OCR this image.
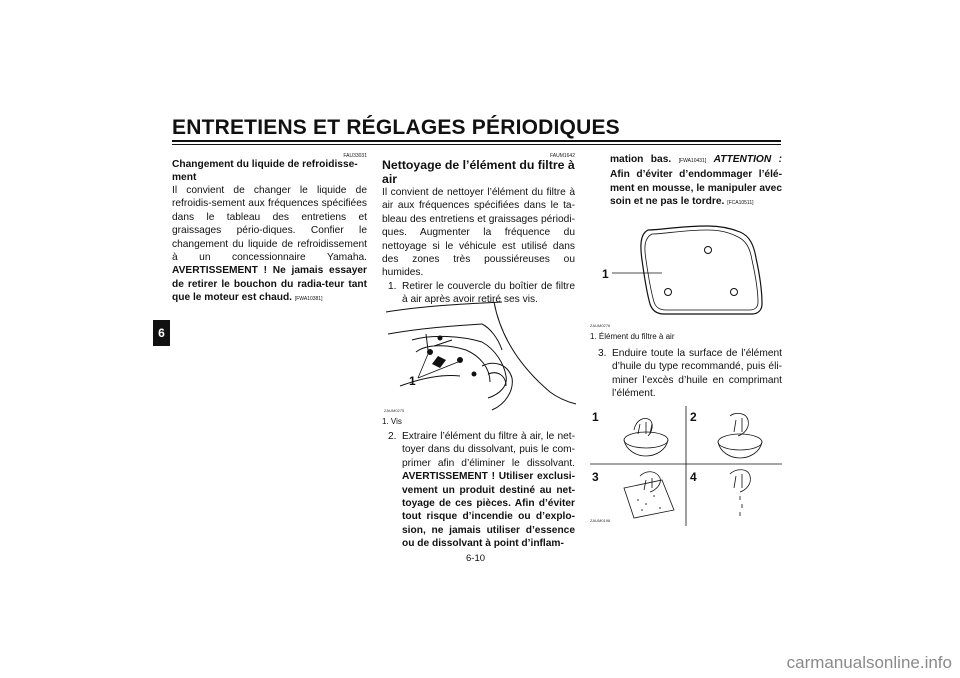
ENTRETIENS ET RÉGLAGES PÉRIODIQUES
6
FAU33031
Changement du liquide de refroidisse-ment
Il convient de changer le liquide de refroidis-sement aux fréquences spécifiées dans le tableau des entretiens et graissages pério-diques. Confier le changement du liquide de refroidissement à un concessionnaire Yamaha. AVERTISSEMENT ! Ne jamais essayer de retirer le bouchon du radia-teur tant que le moteur est chaud. [FWA10381]
FAUM1642
Nettoyage de l’élément du filtre à air
Il convient de nettoyer l’élément du filtre à air aux fréquences spécifiées dans le ta-bleau des entretiens et graissages périodi-ques. Augmenter la fréquence du nettoyage si le véhicule est utilisé dans des zones très poussiéreuses ou humides.
1. Retirer le couvercle du boîtier de filtre à air après avoir retiré ses vis.
1
ZAUM0275
1. Vis
2. Extraire l’élément du filtre à air, le net-toyer dans du dissolvant, puis le com-primer afin d’éliminer le dissolvant. AVERTISSEMENT ! Utiliser exclusi-vement un produit destiné au net-toyage de ces pièces. Afin d’éviter tout risque d’incendie ou d’explo-sion, ne jamais utiliser d’essence ou de dissolvant à point d’inflam-
mation bas. [FWA10431] ATTENTION : Afin d’éviter d’endommager l’élé-ment en mousse, le manipuler avec soin et ne pas le tordre. [FCA10511]
1
ZAUM0276
1. Élément du filtre à air
3. Enduire toute la surface de l’élément d’huile du type recommandé, puis éli-miner l’excès d’huile en comprimant l’élément.
1	2
3	4
ZAUM0198
6-10
carmanualsonline.info
